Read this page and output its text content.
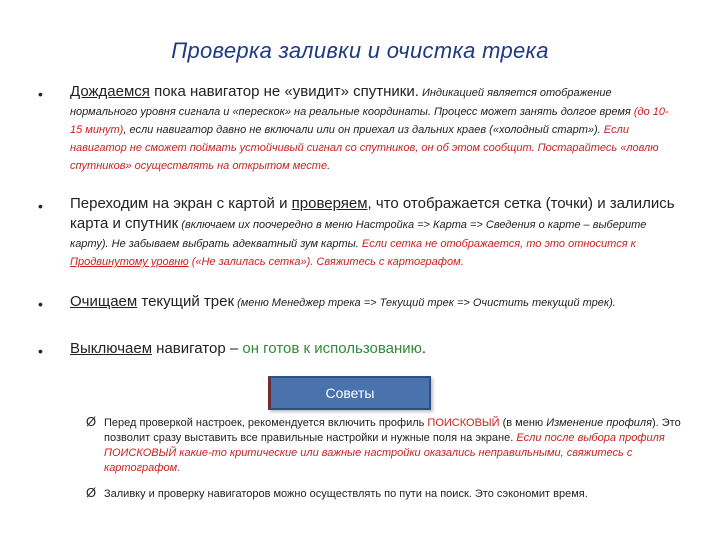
Проверка заливки и очистка трека
• Дождаемся пока навигатор не «увидит» спутники. Индикацией является отображение нормального уровня сигнала и «перескок» на реальные координаты. Процесс может занять долгое время (до 10-15 минут), если навигатор давно не включали или он приехал из дальних краев («холодный старт»). Если навигатор не сможет поймать устойчивый сигнал со спутников, он об этом сообщит. Постарайтесь «ловлю спутников» осуществлять на открытом месте.
• Переходим на экран с картой и проверяем, что отображается сетка (точки) и залились карта и спутник (включаем их поочередно в меню Настройка => Карта => Сведения о карте – выберите карту). Не забываем выбрать адекватный зум карты. Если сетка не отображается, то это относится к Продвинутому уровню («Не залилась сетка»). Свяжитесь с картографом.
• Очищаем текущий трек (меню Менеджер трека => Текущий трек => Очистить текущий трек).
• Выключаем навигатор – он готов к использованию.
Советы
Ø Перед проверкой настроек, рекомендуется включить профиль ПОИСКОВЫЙ (в меню Изменение профиля). Это позволит сразу выставить все правильные настройки и нужные поля на экране. Если после выбора профиля ПОИСКОВЫЙ какие-то критические или важные настройки оказались неправильными, свяжитесь с картографом.
Ø Заливку и проверку навигаторов можно осуществлять по пути на поиск. Это сэкономит время.
